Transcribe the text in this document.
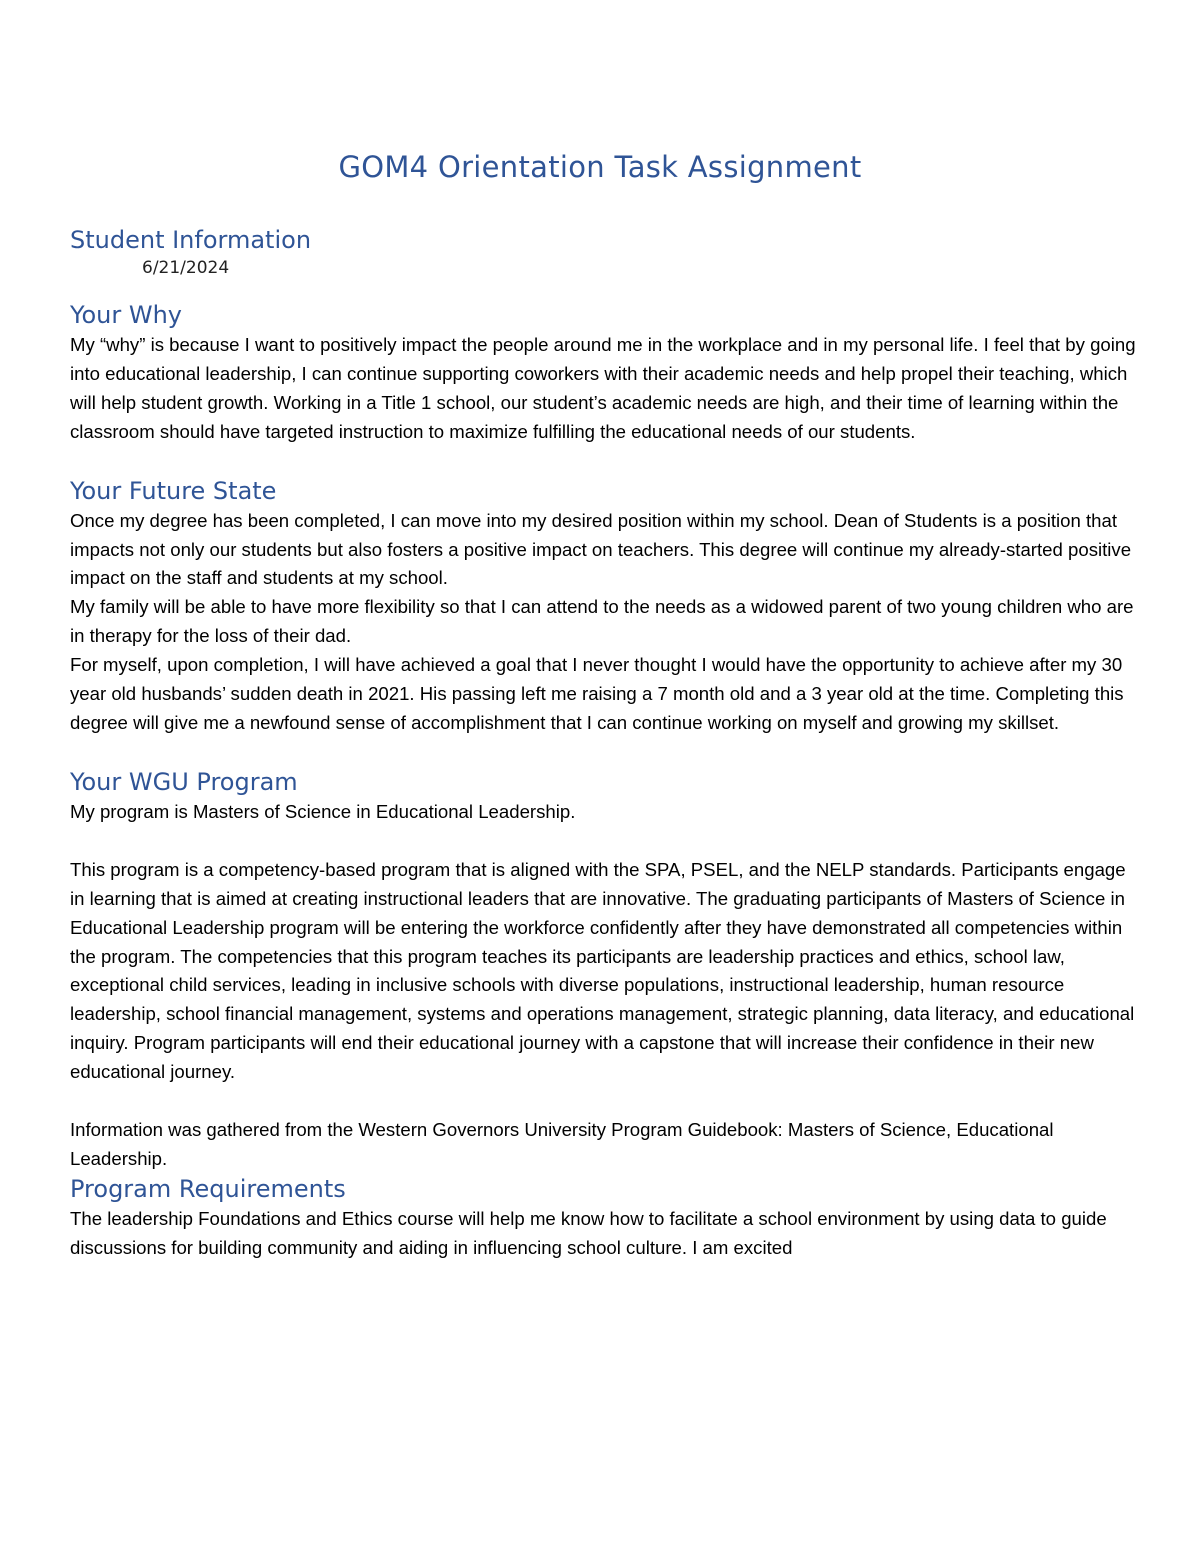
GOM4 Orientation Task Assignment
Student Information
6/21/2024
Your Why

My “why” is because I want to positively impact the people around me in the workplace and in my personal life. I feel that by going into educational leadership, I can continue supporting coworkers with their academic needs and help propel their teaching, which will help student growth. Working in a Title 1 school, our student’s academic needs are high, and their time of learning within the classroom should have targeted instruction to maximize fulfilling the educational needs of our students.

Your Future State

Once my degree has been completed, I can move into my desired position within my school. Dean of Students is a position that impacts not only our students but also fosters a positive impact on teachers. This degree will continue my already-started positive impact on the staff and students at my school.

My family will be able to have more flexibility so that I can attend to the needs as a widowed parent of two young children who are in therapy for the loss of their dad.

For myself, upon completion, I will have achieved a goal that I never thought I would have the opportunity to achieve after my 30 year old husbands’ sudden death in 2021. His passing left me raising a 7 month old and a 3 year old at the time. Completing this degree will give me a newfound sense of accomplishment that I can continue working on myself and growing my skillset.

Your WGU Program

My program is Masters of Science in Educational Leadership.

This program is a competency-based program that is aligned with the SPA, PSEL, and the NELP standards. Participants engage in learning that is aimed at creating instructional leaders that are innovative. The graduating participants of Masters of Science in Educational Leadership program will be entering the workforce confidently after they have demonstrated all competencies within the program. The competencies that this program teaches its participants are leadership practices and ethics, school law, exceptional child services, leading in inclusive schools with diverse populations, instructional leadership, human resource leadership, school financial management, systems and operations management, strategic planning, data literacy, and educational inquiry. Program participants will end their educational journey with a capstone that will increase their confidence in their new educational journey.

Information was gathered from the Western Governors University Program Guidebook: Masters of Science, Educational Leadership.

Program Requirements

The leadership Foundations and Ethics course will help me know how to facilitate a school environment by using data to guide discussions for building community and aiding in influencing school culture. I am excited
